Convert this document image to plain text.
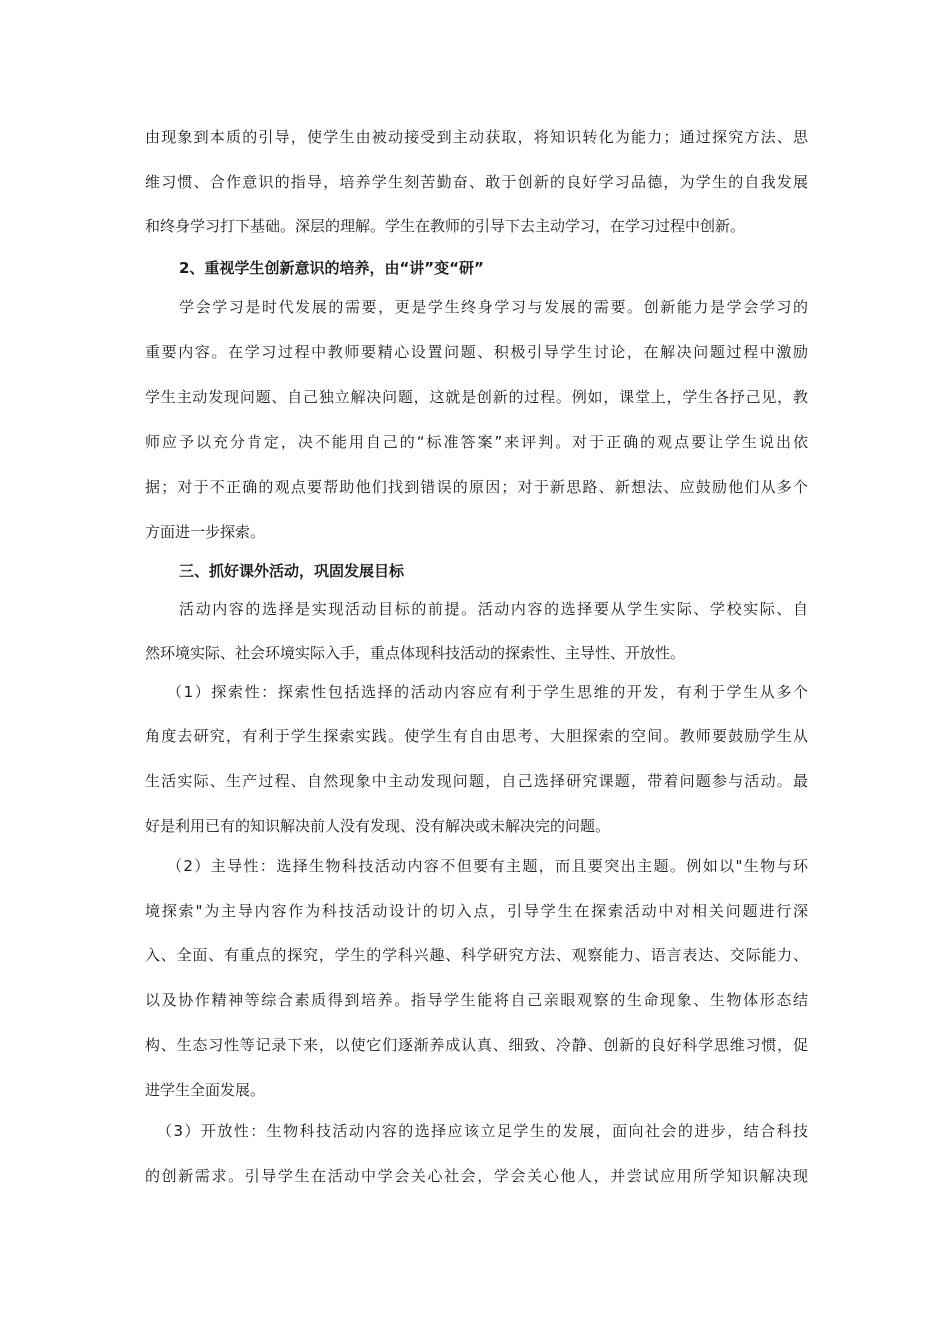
由现象到本质的引导，使学生由被动接受到主动获取，将知识转化为能力；通过探究方法、思
维习惯、合作意识的指导，培养学生刻苦勤奋、敢于创新的良好学习品德，为学生的自我发展
和终身学习打下基础。深层的理解。学生在教师的引导下去主动学习，在学习过程中创新。
2、重视学生创新意识的培养，由“讲”变“研”
学会学习是时代发展的需要，更是学生终身学习与发展的需要。创新能力是学会学习的
重要内容。在学习过程中教师要精心设置问题、积极引导学生讨论，在解决问题过程中激励
学生主动发现问题、自己独立解决问题，这就是创新的过程。例如，课堂上，学生各抒己见，教
师应予以充分肯定，决不能用自己的“标准答案”来评判。对于正确的观点要让学生说出依
据；对于不正确的观点要帮助他们找到错误的原因；对于新思路、新想法、应鼓励他们从多个
方面进一步探索。
三、抓好课外活动，巩固发展目标
活动内容的选择是实现活动目标的前提。活动内容的选择要从学生实际、学校实际、自
然环境实际、社会环境实际入手，重点体现科技活动的探索性、主导性、开放性。
（1）探索性：探索性包括选择的活动内容应有利于学生思维的开发，有利于学生从多个
角度去研究，有利于学生探索实践。使学生有自由思考、大胆探索的空间。教师要鼓励学生从
生活实际、生产过程、自然现象中主动发现问题，自己选择研究课题，带着问题参与活动。最
好是利用已有的知识解决前人没有发现、没有解决或未解决完的问题。
（2）主导性：选择生物科技活动内容不但要有主题，而且要突出主题。例如以"生物与环
境探索"为主导内容作为科技活动设计的切入点，引导学生在探索活动中对相关问题进行深
入、全面、有重点的探究，学生的学科兴趣、科学研究方法、观察能力、语言表达、交际能力、
以及协作精神等综合素质得到培养。指导学生能将自己亲眼观察的生命现象、生物体形态结
构、生态习性等记录下来，以使它们逐渐养成认真、细致、冷静、创新的良好科学思维习惯，促
进学生全面发展。
（3）开放性：生物科技活动内容的选择应该立足学生的发展，面向社会的进步，结合科技
的创新需求。引导学生在活动中学会关心社会，学会关心他人，并尝试应用所学知识解决现
